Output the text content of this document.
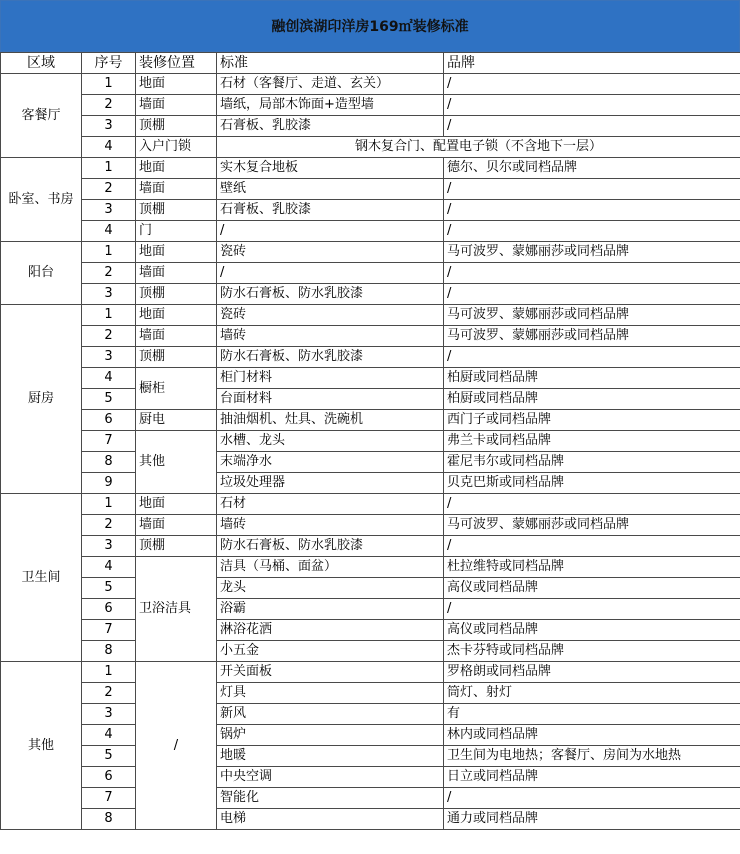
融创滨湖印洋房169㎡装修标准
区域	序号	装修位置	标准	品牌
客餐厅	1	地面	石材（客餐厅、走道、玄关）	/
	2	墙面	墙纸，局部木饰面+造型墙	/
	3	顶棚	石膏板、乳胶漆	/
	4	入户门锁	钢木复合门、配置电子锁（不含地下一层）	
卧室、书房	1	地面	实木复合地板	德尔、贝尔或同档品牌
	2	墙面	壁纸	/
	3	顶棚	石膏板、乳胶漆	/
	4	门	/	/
阳台	1	地面	瓷砖	马可波罗、蒙娜丽莎或同档品牌
	2	墙面	/	/
	3	顶棚	防水石膏板、防水乳胶漆	/
厨房	1	地面	瓷砖	马可波罗、蒙娜丽莎或同档品牌
	2	墙面	墙砖	马可波罗、蒙娜丽莎或同档品牌
	3	顶棚	防水石膏板、防水乳胶漆	/
	4	橱柜	柜门材料	柏厨或同档品牌
	5		台面材料	柏厨或同档品牌
	6	厨电	抽油烟机、灶具、洗碗机	西门子或同档品牌
	7	其他	水槽、龙头	弗兰卡或同档品牌
	8		末端净水	霍尼韦尔或同档品牌
	9		垃圾处理器	贝克巴斯或同档品牌
卫生间	1	地面	石材	/
	2	墙面	墙砖	马可波罗、蒙娜丽莎或同档品牌
	3	顶棚	防水石膏板、防水乳胶漆	/
	4	卫浴洁具	洁具（马桶、面盆）	杜拉维特或同档品牌
	5		龙头	高仪或同档品牌
	6		浴霸	/
	7		淋浴花洒	高仪或同档品牌
	8		小五金	杰卡芬特或同档品牌
其他	1	/	开关面板	罗格朗或同档品牌
	2		灯具	筒灯、射灯
	3		新风	有
	4		锅炉	林内或同档品牌
	5		地暖	卫生间为电地热；客餐厅、房间为水地热
	6		中央空调	日立或同档品牌
	7		智能化	/
	8		电梯	通力或同档品牌
